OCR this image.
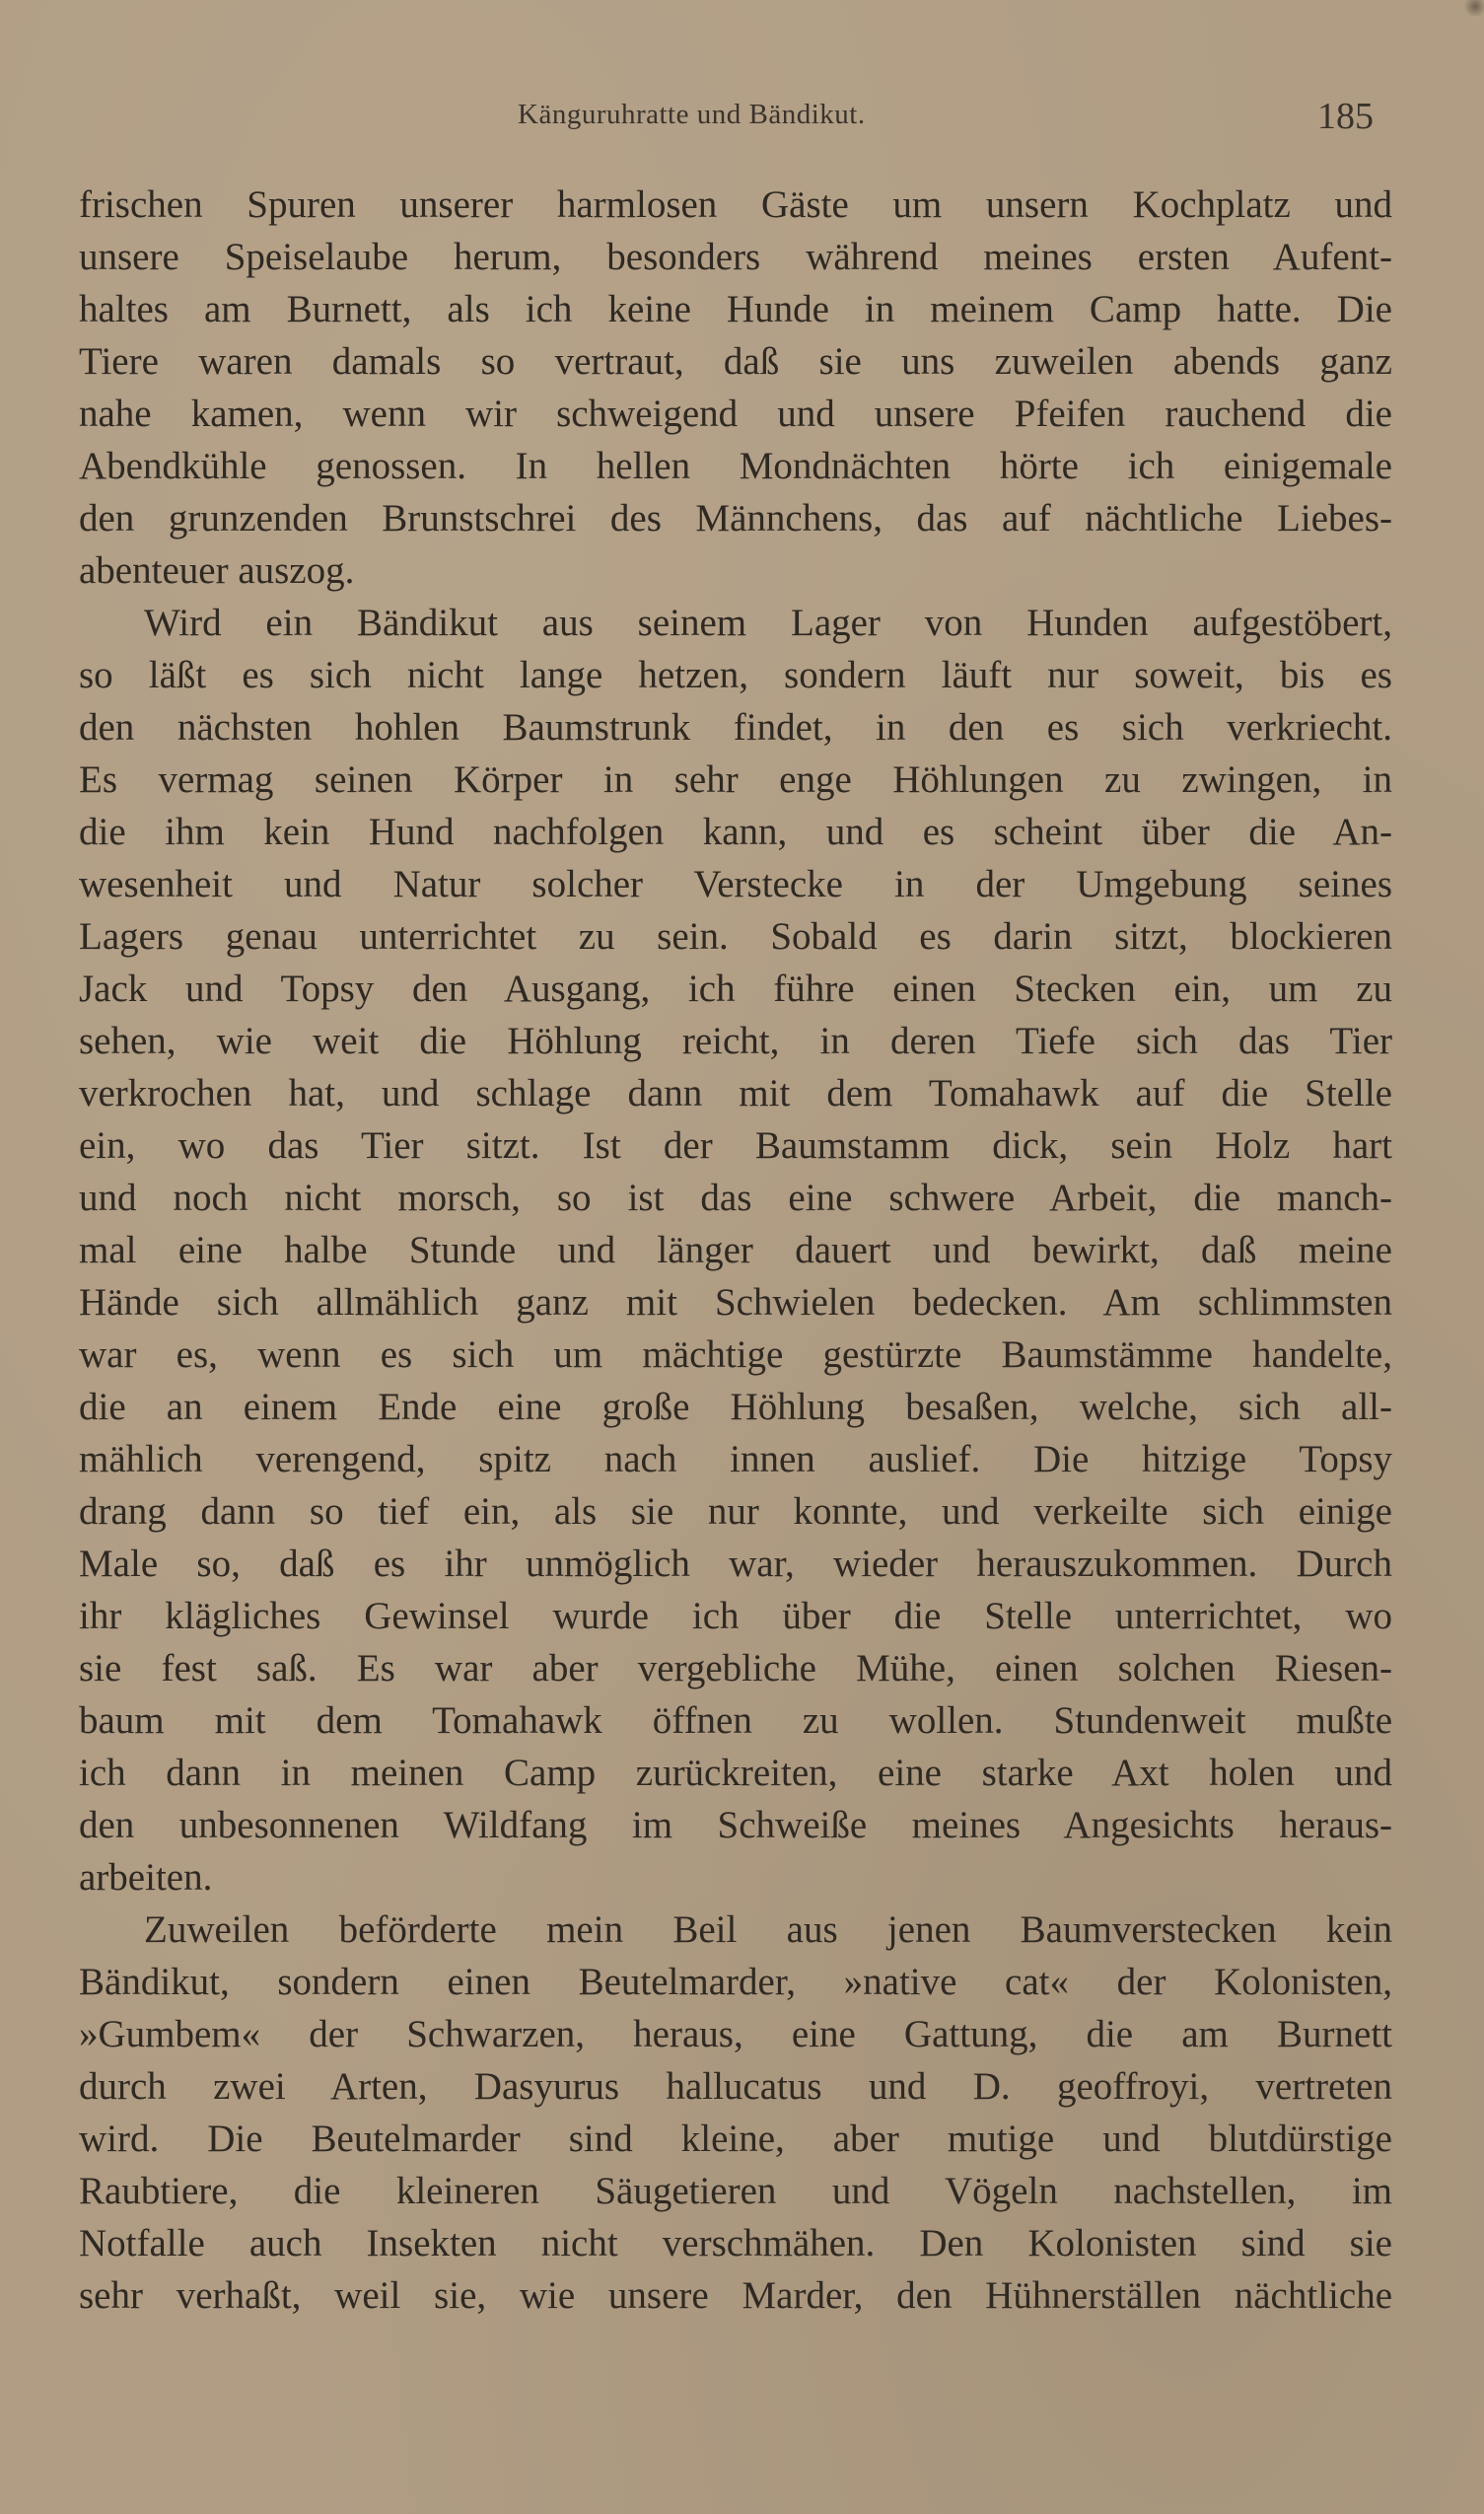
Känguruhratte und Bändikut.	185
frischen Spuren unserer harmlosen Gäste um unsern Kochplatz und
unsere Speiselaube herum, besonders während meines ersten Aufent-
haltes am Burnett, als ich keine Hunde in meinem Camp hatte. Die
Tiere waren damals so vertraut, daß sie uns zuweilen abends ganz
nahe kamen, wenn wir schweigend und unsere Pfeifen rauchend die
Abendkühle genossen. In hellen Mondnächten hörte ich einigemale
den grunzenden Brunstschrei des Männchens, das auf nächtliche Liebes-
abenteuer auszog.
Wird ein Bändikut aus seinem Lager von Hunden aufgestöbert,
so läßt es sich nicht lange hetzen, sondern läuft nur soweit, bis es
den nächsten hohlen Baumstrunk findet, in den es sich verkriecht.
Es vermag seinen Körper in sehr enge Höhlungen zu zwingen, in
die ihm kein Hund nachfolgen kann, und es scheint über die An-
wesenheit und Natur solcher Verstecke in der Umgebung seines
Lagers genau unterrichtet zu sein. Sobald es darin sitzt, blockieren
Jack und Topsy den Ausgang, ich führe einen Stecken ein, um zu
sehen, wie weit die Höhlung reicht, in deren Tiefe sich das Tier
verkrochen hat, und schlage dann mit dem Tomahawk auf die Stelle
ein, wo das Tier sitzt. Ist der Baumstamm dick, sein Holz hart
und noch nicht morsch, so ist das eine schwere Arbeit, die manch-
mal eine halbe Stunde und länger dauert und bewirkt, daß meine
Hände sich allmählich ganz mit Schwielen bedecken. Am schlimmsten
war es, wenn es sich um mächtige gestürzte Baumstämme handelte,
die an einem Ende eine große Höhlung besaßen, welche, sich all-
mählich verengend, spitz nach innen auslief. Die hitzige Topsy
drang dann so tief ein, als sie nur konnte, und verkeilte sich einige
Male so, daß es ihr unmöglich war, wieder herauszukommen. Durch
ihr klägliches Gewinsel wurde ich über die Stelle unterrichtet, wo
sie fest saß. Es war aber vergebliche Mühe, einen solchen Riesen-
baum mit dem Tomahawk öffnen zu wollen. Stundenweit mußte
ich dann in meinen Camp zurückreiten, eine starke Axt holen und
den unbesonnenen Wildfang im Schweiße meines Angesichts heraus-
arbeiten.
Zuweilen beförderte mein Beil aus jenen Baumverstecken kein
Bändikut, sondern einen Beutelmarder, »native cat« der Kolonisten,
»Gumbem« der Schwarzen, heraus, eine Gattung, die am Burnett
durch zwei Arten, Dasyurus hallucatus und D. geoffroyi, vertreten
wird. Die Beutelmarder sind kleine, aber mutige und blutdürstige
Raubtiere, die kleineren Säugetieren und Vögeln nachstellen, im
Notfalle auch Insekten nicht verschmähen. Den Kolonisten sind sie
sehr verhaßt, weil sie, wie unsere Marder, den Hühnerställen nächtliche
